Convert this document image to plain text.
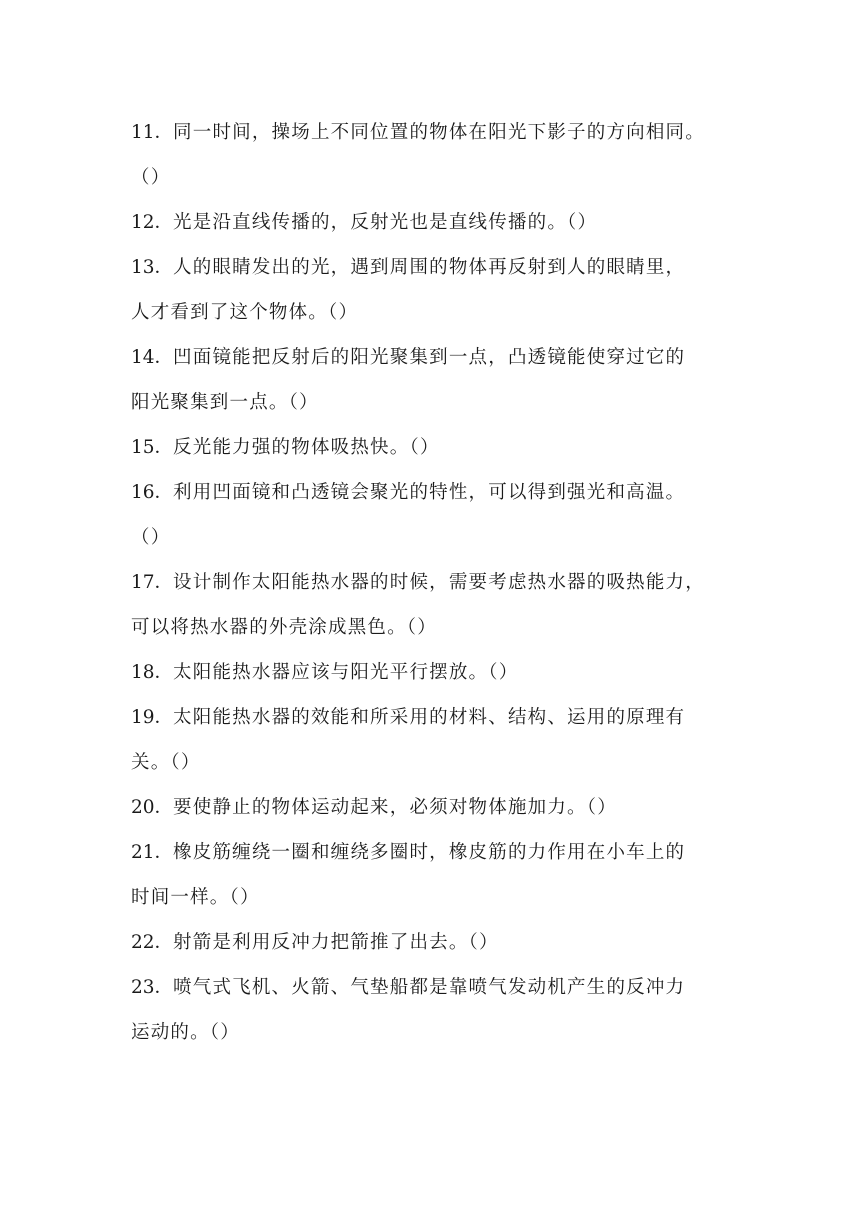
11．同一时间，操场上不同位置的物体在阳光下影子的方向相同。
（）
12．光是沿直线传播的，反射光也是直线传播的。（）
13．人的眼睛发出的光，遇到周围的物体再反射到人的眼睛里，
人才看到了这个物体。（）
14．凹面镜能把反射后的阳光聚集到一点，凸透镜能使穿过它的
阳光聚集到一点。（）
15．反光能力强的物体吸热快。（）
16．利用凹面镜和凸透镜会聚光的特性，可以得到强光和高温。
（）
17．设计制作太阳能热水器的时候，需要考虑热水器的吸热能力，
可以将热水器的外壳涂成黑色。（）
18．太阳能热水器应该与阳光平行摆放。（）
19．太阳能热水器的效能和所采用的材料、结构、运用的原理有
关。（）
20．要使静止的物体运动起来，必须对物体施加力。（）
21．橡皮筋缠绕一圈和缠绕多圈时，橡皮筋的力作用在小车上的
时间一样。（）
22．射箭是利用反冲力把箭推了出去。（）
23．喷气式飞机、火箭、气垫船都是靠喷气发动机产生的反冲力
运动的。（）
